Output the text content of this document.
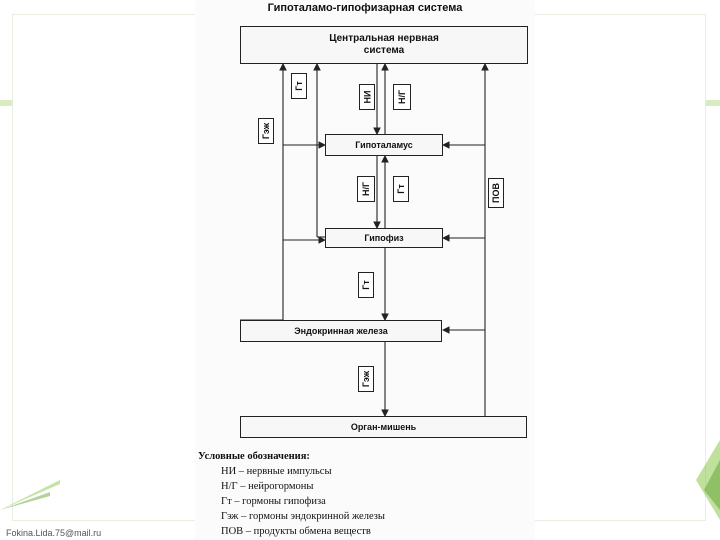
Гипоталамо-гипофизарная система
Центральная нервная система
Гипоталамус
Гипофиз
Эндокринная железа
Орган-мишень
Гт
Гэж
НИ	Н/Г
Н/Г	Гт	ПОВ
Гт
Гэж
Условные обозначения:
НИ – нервные импульсы
Н/Г – нейрогормоны
Гт – гормоны гипофиза
Гэж – гормоны эндокринной железы
ПОВ – продукты обмена веществ
Fokina.Lida.75@mail.ru
